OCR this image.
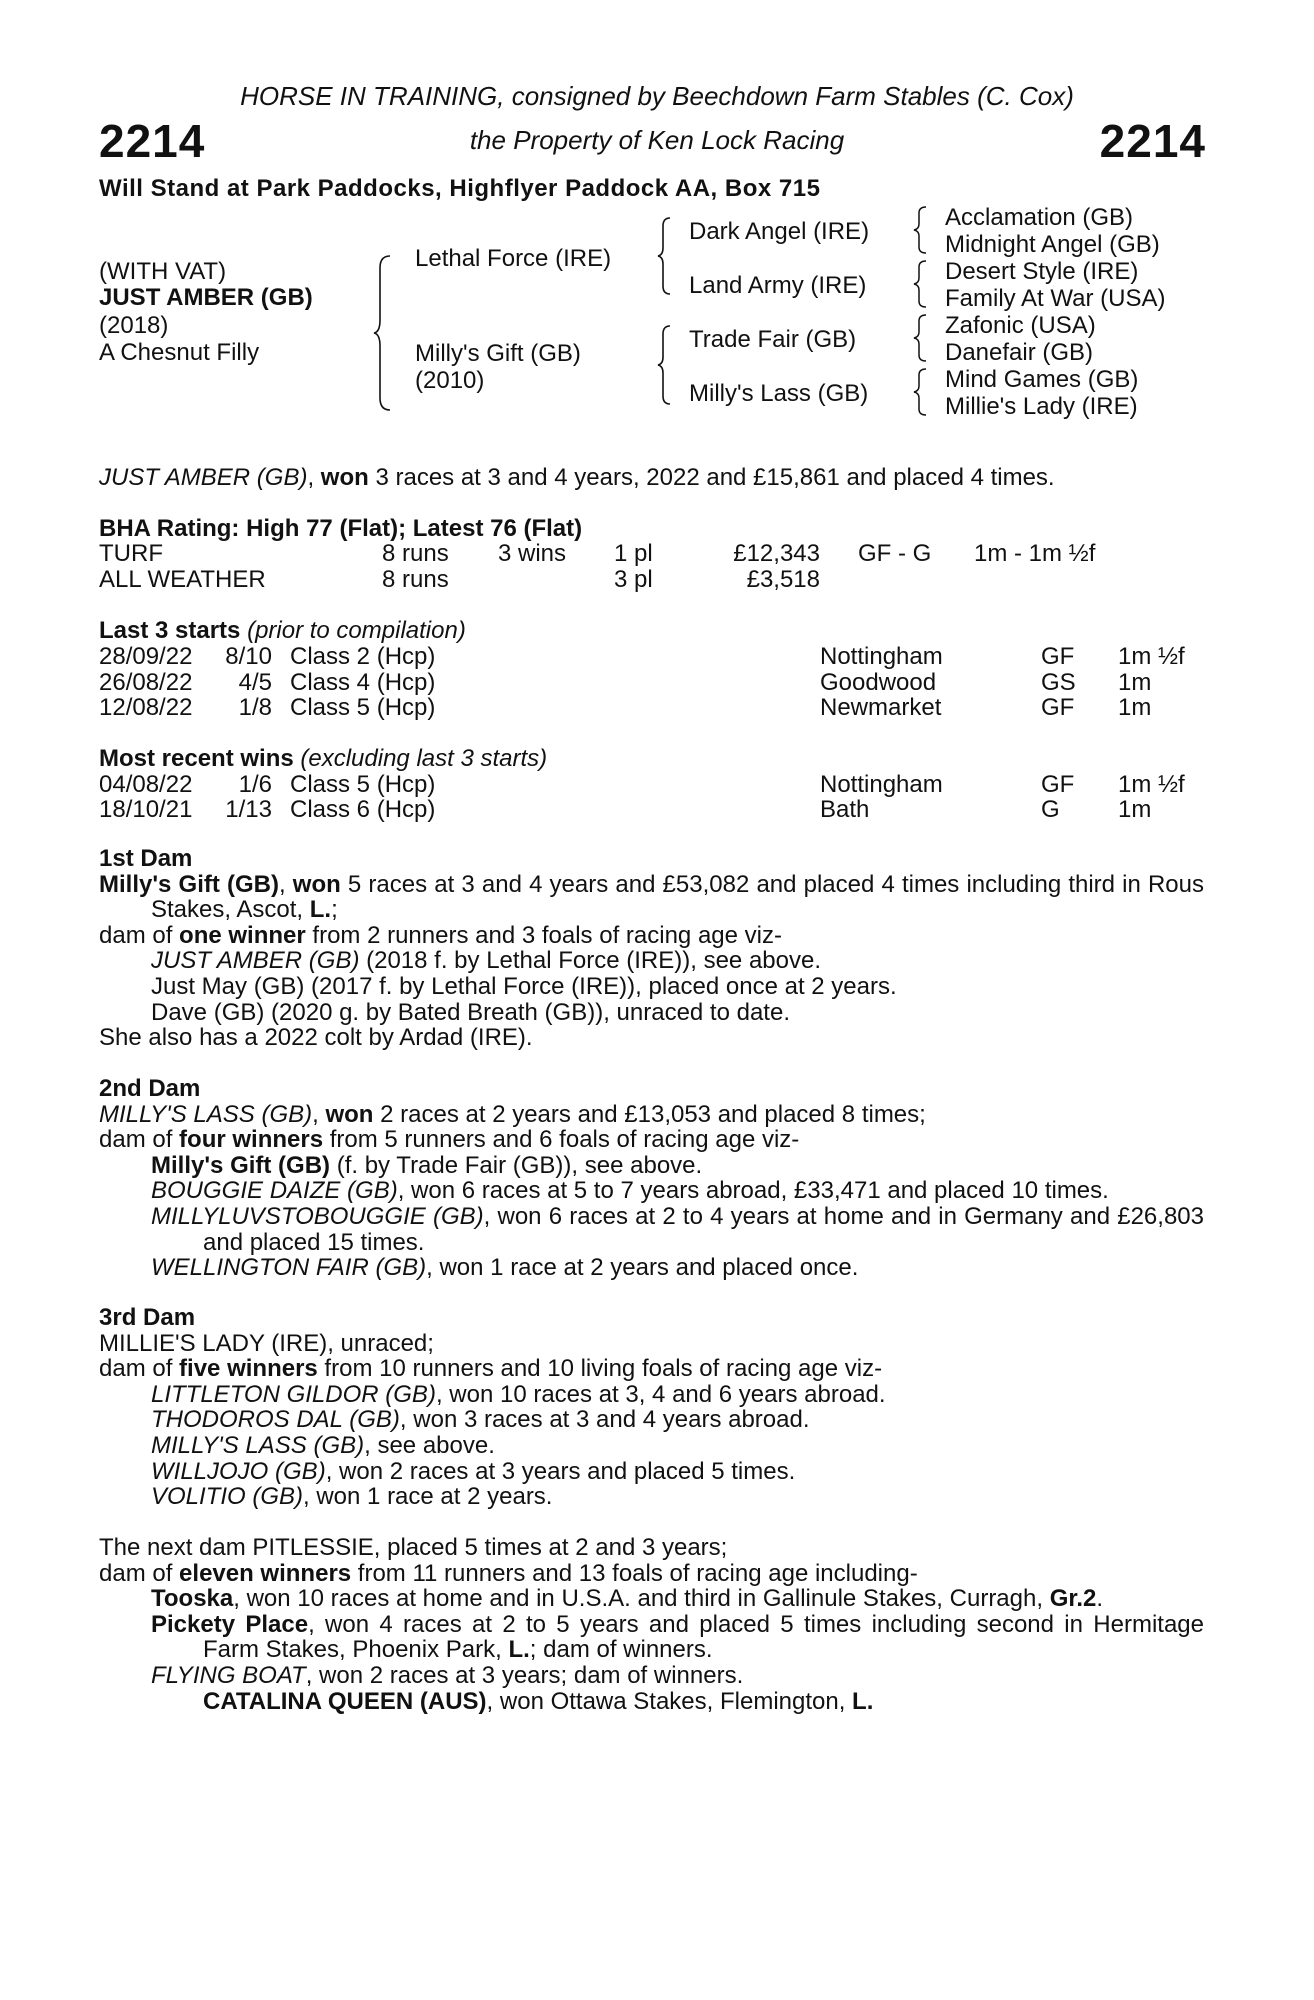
HORSE IN TRAINING, consigned by Beechdown Farm Stables (C. Cox)
2214	the Property of Ken Lock Racing	2214
Will Stand at Park Paddocks, Highflyer Paddock AA, Box 715
(WITH VAT)
JUST AMBER (GB)
(2018)
A Chesnut Filly
Lethal Force (IRE)
Milly's Gift (GB)
(2010)
Dark Angel (IRE)
Land Army (IRE)
Trade Fair (GB)
Milly's Lass (GB)
Acclamation (GB)
Midnight Angel (GB)
Desert Style (IRE)
Family At War (USA)
Zafonic (USA)
Danefair (GB)
Mind Games (GB)
Millie's Lady (IRE)
JUST AMBER (GB), won 3 races at 3 and 4 years, 2022 and £15,861 and placed 4 times.
BHA Rating: High 77 (Flat); Latest 76 (Flat)
TURF	8 runs 3 wins 1 pl	£12,343 GF - G 1m - 1m ½f
ALL WEATHER	8 runs	3 pl	£3,518
Last 3 starts (prior to compilation)
28/09/22 8/10 Class 2 (Hcp)	Nottingham	GF 1m ½f
26/08/22 4/5 Class 4 (Hcp)	Goodwood	GS 1m
12/08/22 1/8 Class 5 (Hcp)	Newmarket	GF 1m
Most recent wins (excluding last 3 starts)
04/08/22 1/6 Class 5 (Hcp)	Nottingham	GF 1m ½f
18/10/21 1/13 Class 6 (Hcp)	Bath	G 1m

1st Dam

Milly's Gift (GB), won 5 races at 3 and 4 years and £53,082 and placed 4 times including third in Rous Stakes, Ascot, L.;

dam of one winner from 2 runners and 3 foals of racing age viz-

JUST AMBER (GB) (2018 f. by Lethal Force (IRE)), see above.

Just May (GB) (2017 f. by Lethal Force (IRE)), placed once at 2 years.

Dave (GB) (2020 g. by Bated Breath (GB)), unraced to date.

She also has a 2022 colt by Ardad (IRE).

2nd Dam

MILLY'S LASS (GB), won 2 races at 2 years and £13,053 and placed 8 times;

dam of four winners from 5 runners and 6 foals of racing age viz-

Milly's Gift (GB) (f. by Trade Fair (GB)), see above.

BOUGGIE DAIZE (GB), won 6 races at 5 to 7 years abroad, £33,471 and placed 10 times.

MILLYLUVSTOBOUGGIE (GB), won 6 races at 2 to 4 years at home and in Germany and £26,803 and placed 15 times.

WELLINGTON FAIR (GB), won 1 race at 2 years and placed once.

3rd Dam

MILLIE'S LADY (IRE), unraced;

dam of five winners from 10 runners and 10 living foals of racing age viz-

LITTLETON GILDOR (GB), won 10 races at 3, 4 and 6 years abroad.

THODOROS DAL (GB), won 3 races at 3 and 4 years abroad.

MILLY'S LASS (GB), see above.

WILLJOJO (GB), won 2 races at 3 years and placed 5 times.

VOLITIO (GB), won 1 race at 2 years.

The next dam PITLESSIE, placed 5 times at 2 and 3 years;

dam of eleven winners from 11 runners and 13 foals of racing age including-

Tooska, won 10 races at home and in U.S.A. and third in Gallinule Stakes, Curragh, Gr.2.

Pickety Place, won 4 races at 2 to 5 years and placed 5 times including second in Hermitage Farm Stakes, Phoenix Park, L.; dam of winners.

FLYING BOAT, won 2 races at 3 years; dam of winners.

CATALINA QUEEN (AUS), won Ottawa Stakes, Flemington, L.
